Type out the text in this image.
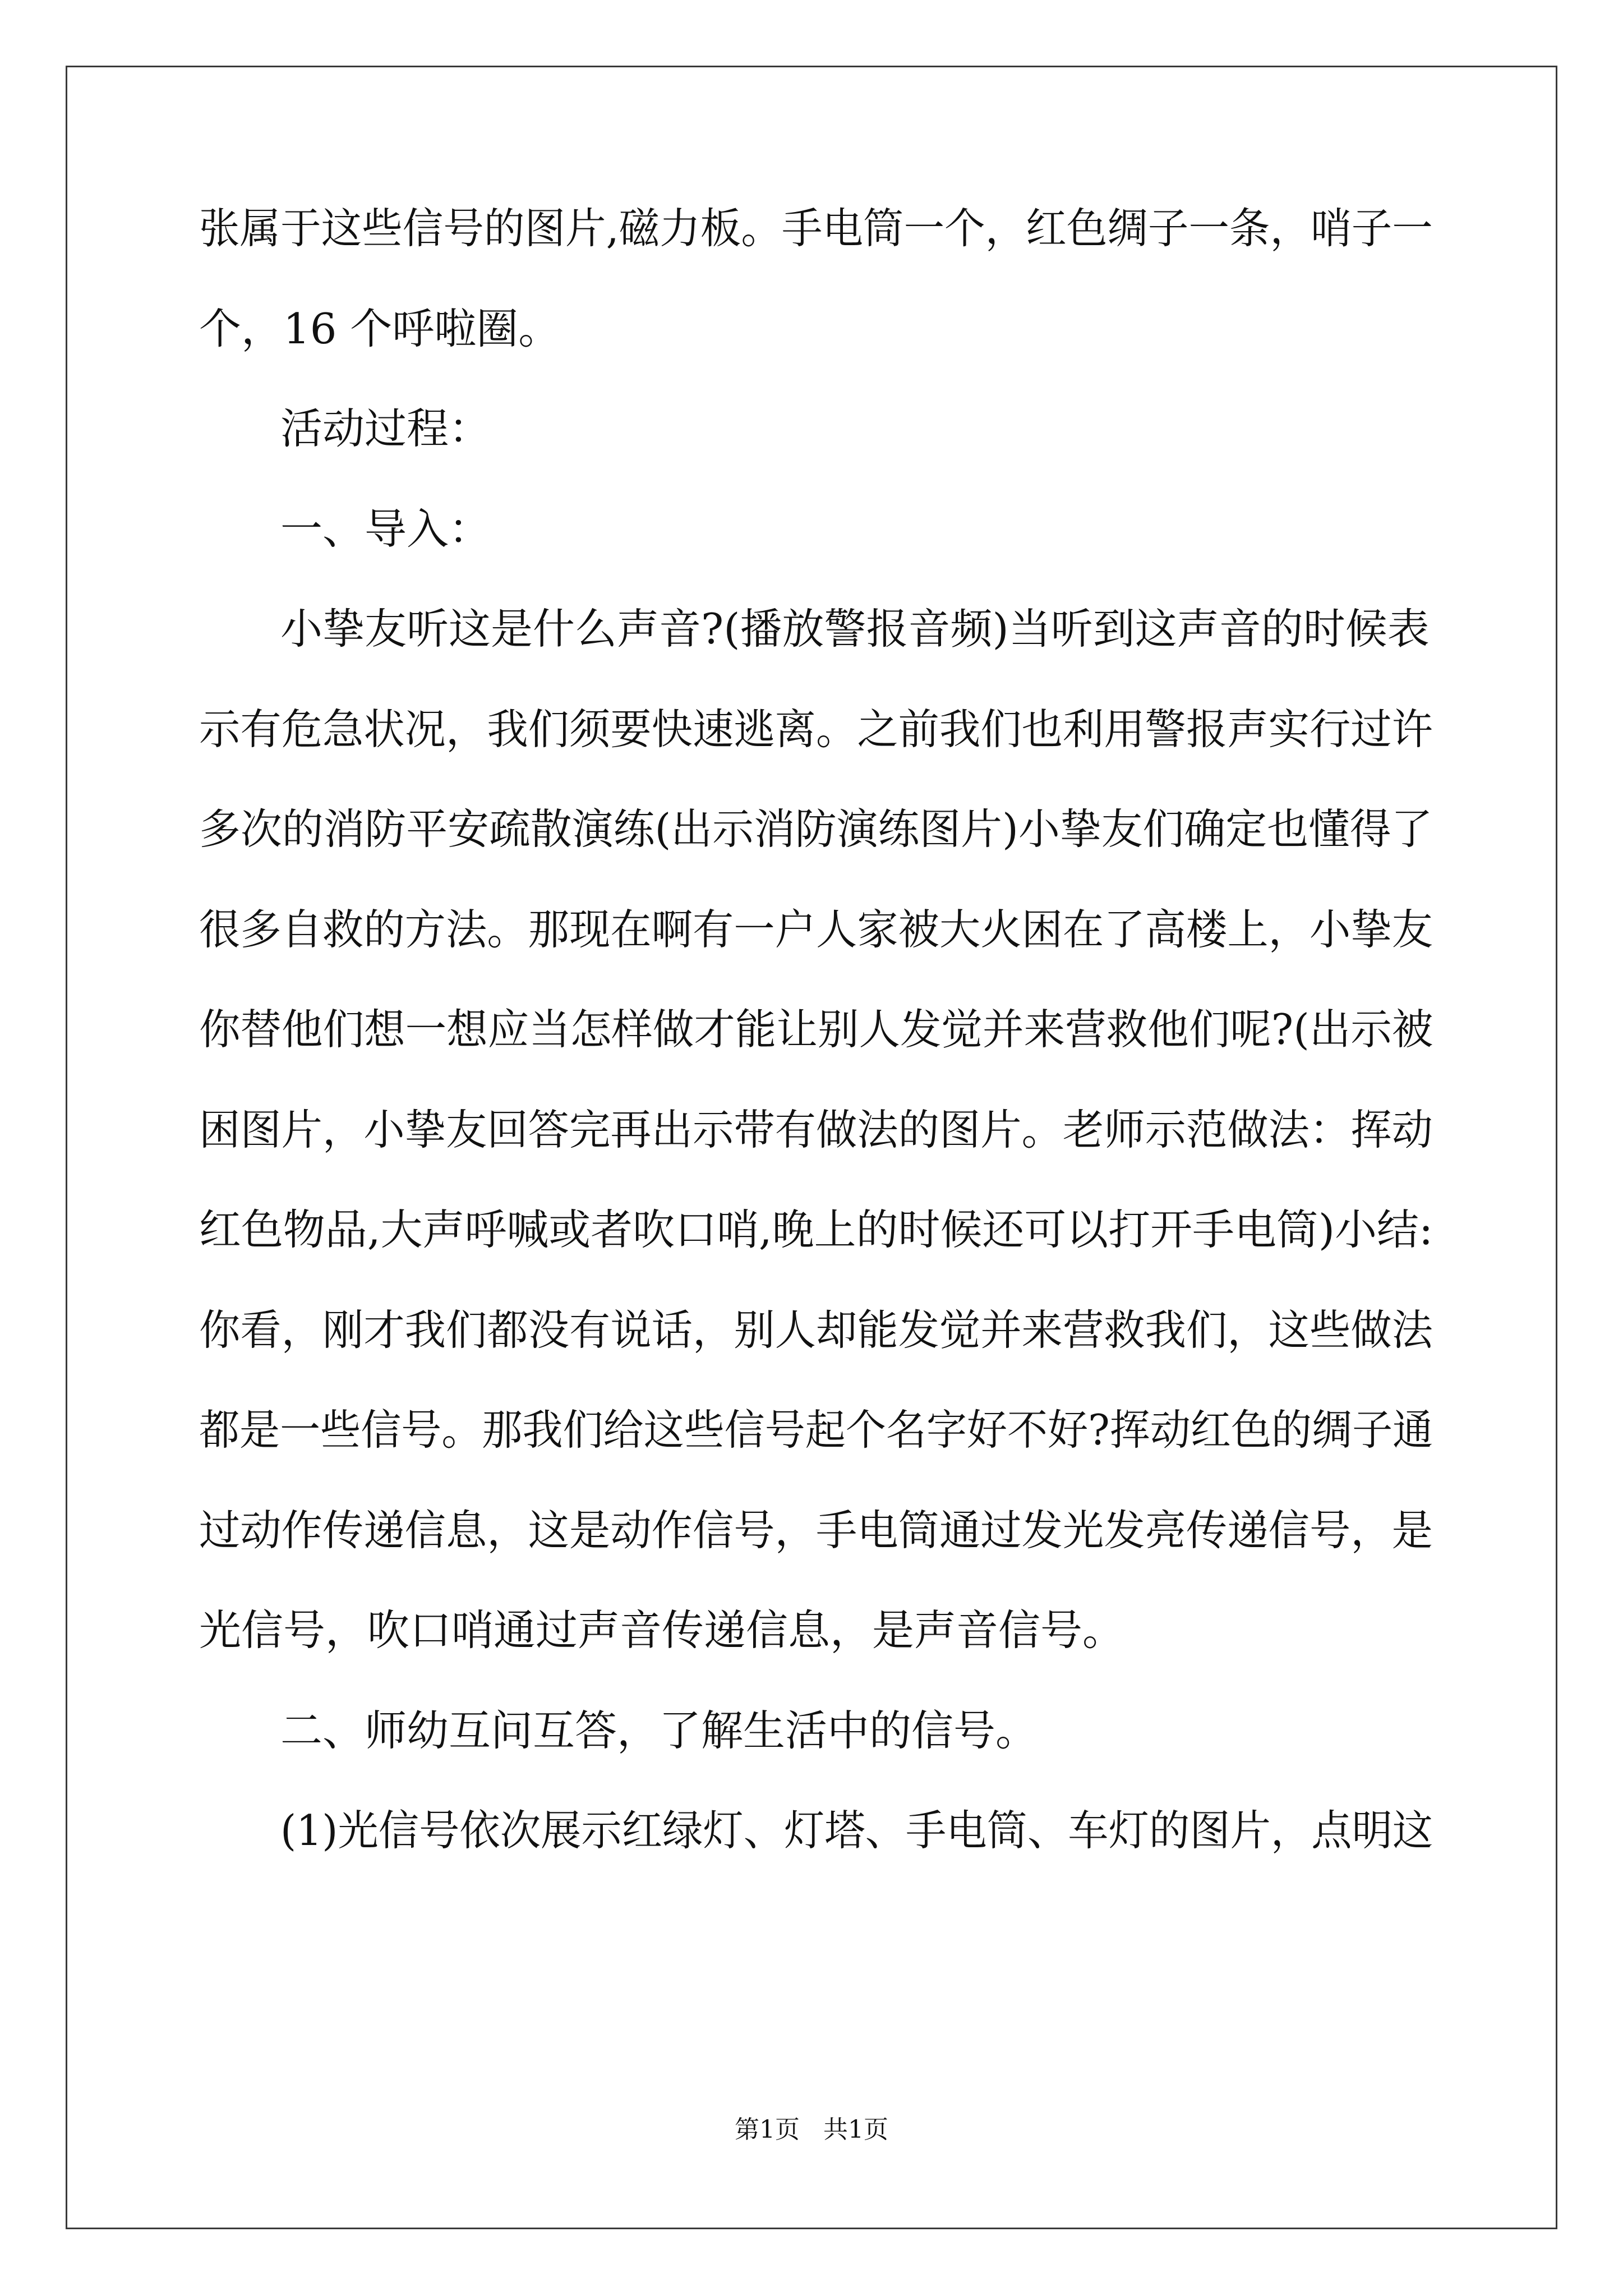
张属于这些信号的图片,磁力板。手电筒一个，红色绸子一条，哨子一
个，16 个呼啦圈。
活动过程：
一、导入：
小挚友听这是什么声音?(播放警报音频)当听到这声音的时候表
示有危急状况，我们须要快速逃离。之前我们也利用警报声实行过许
多次的消防平安疏散演练(出示消防演练图片)小挚友们确定也懂得了
很多自救的方法。那现在啊有一户人家被大火困在了高楼上，小挚友
你替他们想一想应当怎样做才能让别人发觉并来营救他们呢?(出示被
困图片，小挚友回答完再出示带有做法的图片。老师示范做法：挥动
红色物品,大声呼喊或者吹口哨,晚上的时候还可以打开手电筒)小结:
你看，刚才我们都没有说话，别人却能发觉并来营救我们，这些做法
都是一些信号。那我们给这些信号起个名字好不好?挥动红色的绸子通
过动作传递信息，这是动作信号，手电筒通过发光发亮传递信号，是
光信号，吹口哨通过声音传递信息，是声音信号。
二、师幼互问互答，了解生活中的信号。
(1)光信号依次展示红绿灯、灯塔、手电筒、车灯的图片，点明这
第1页   共1页
